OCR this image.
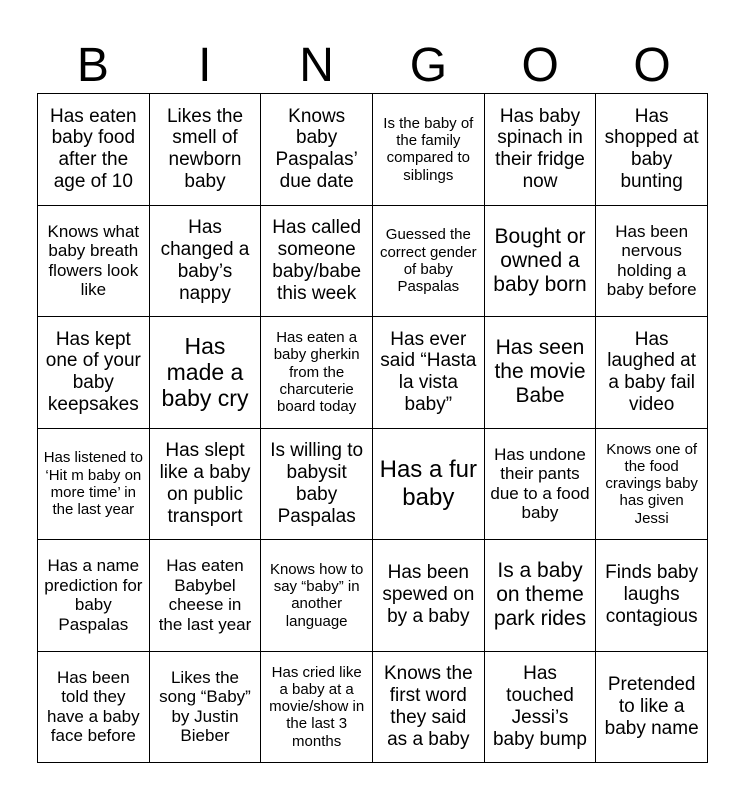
B	I	N	G	O	O
Has eaten baby food after the age of 10
Likes the smell of newborn baby
Knows baby Paspalas’ due date
Is the baby of the family compared to siblings
Has baby spinach in their fridge now
Has shopped at baby bunting
Knows what baby breath flowers look like
Has changed a baby’s nappy
Has called someone baby/babe this week
Guessed the correct gender of baby Paspalas
Bought or owned a baby born
Has been nervous holding a baby before
Has kept one of your baby keepsakes
Has made a baby cry
Has eaten a baby gherkin from the charcuterie board today
Has ever said “Hasta la vista baby”
Has seen the movie Babe
Has laughed at a baby fail video
Has listened to ‘Hit m baby on more time’ in the last year
Has slept like a baby on public transport
Is willing to babysit baby Paspalas
Has a fur baby
Has undone their pants due to a food baby
Knows one of the food cravings baby has given Jessi
Has a name prediction for baby Paspalas
Has eaten Babybel cheese in the last year
Knows how to say “baby” in another language
Has been spewed on by a baby
Is a baby on theme park rides
Finds baby laughs contagious
Has been told they have a baby face before
Likes the song “Baby” by Justin Bieber
Has cried like a baby at a movie/show in the last 3 months
Knows the first word they said as a baby
Has touched Jessi’s baby bump
Pretended to like a baby name
